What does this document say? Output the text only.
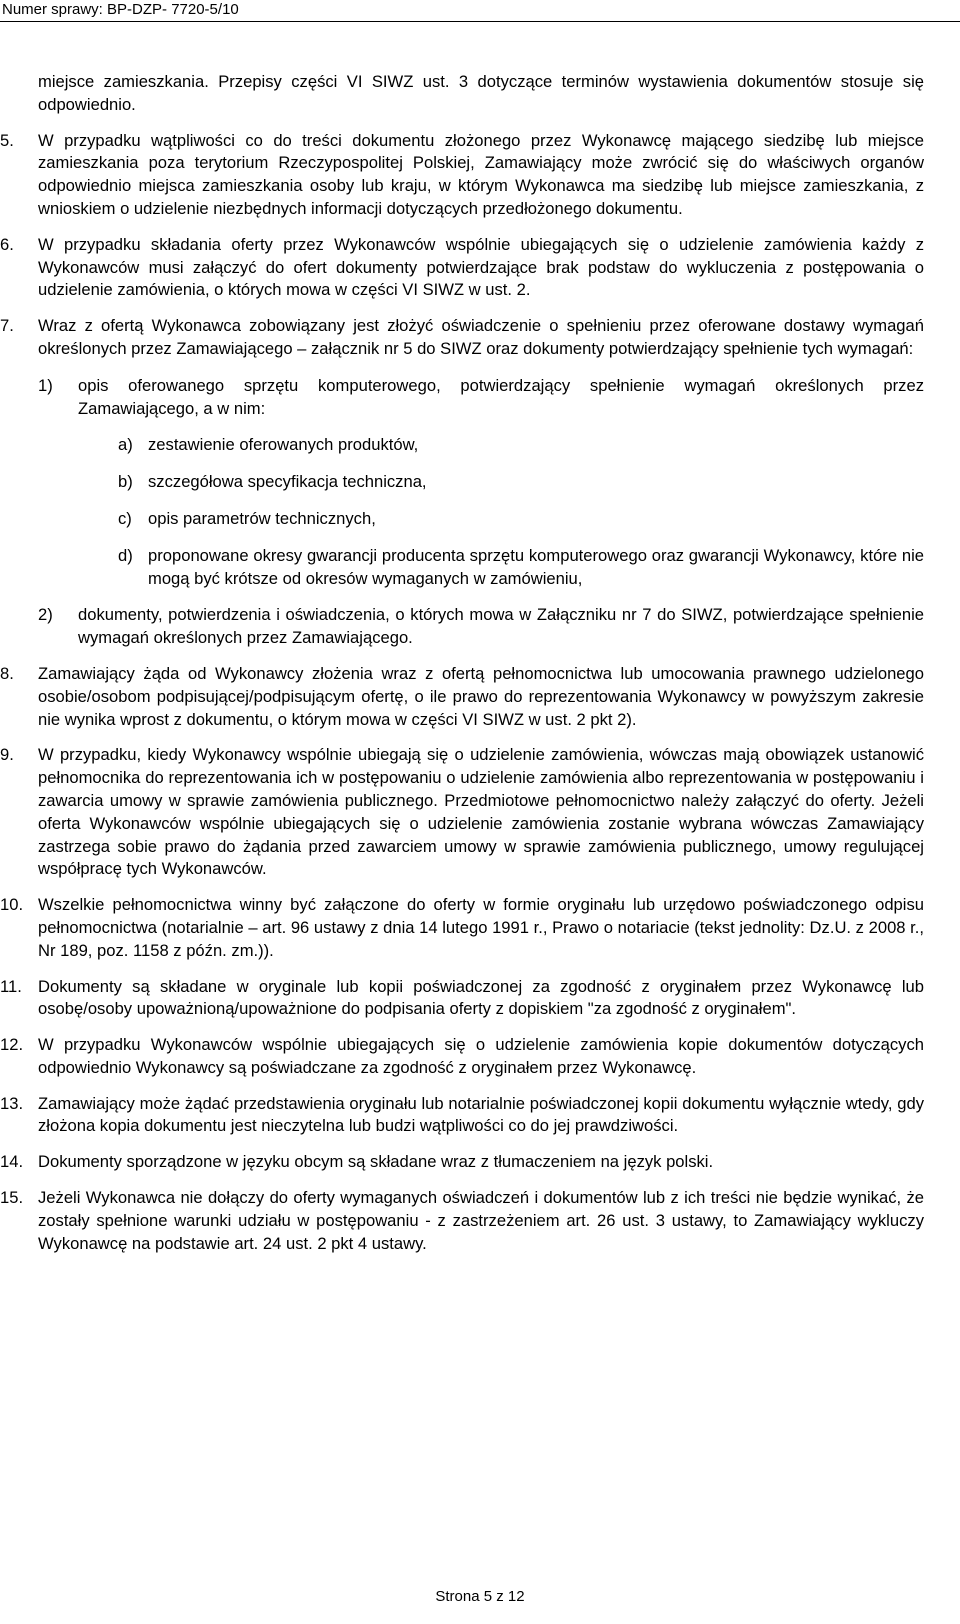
Numer sprawy: BP-DZP- 7720-5/10

miejsce zamieszkania. Przepisy części VI SIWZ ust. 3 dotyczące terminów wystawienia dokumentów stosuje się odpowiednio.

5. W przypadku wątpliwości co do treści dokumentu złożonego przez Wykonawcę mającego siedzibę lub miejsce zamieszkania poza terytorium Rzeczypospolitej Polskiej, Zamawiający może zwrócić się do właściwych organów odpowiednio miejsca zamieszkania osoby lub kraju, w którym Wykonawca ma siedzibę lub miejsce zamieszkania, z wnioskiem o udzielenie niezbędnych informacji dotyczących przedłożonego dokumentu.

6. W przypadku składania oferty przez Wykonawców wspólnie ubiegających się o udzielenie zamówienia każdy z Wykonawców musi załączyć do ofert dokumenty potwierdzające brak podstaw do wykluczenia z postępowania o udzielenie zamówienia, o których mowa w części VI SIWZ w ust. 2.

7. Wraz z ofertą Wykonawca zobowiązany jest złożyć oświadczenie o spełnieniu przez oferowane dostawy wymagań określonych przez Zamawiającego – załącznik nr 5 do SIWZ oraz dokumenty potwierdzający spełnienie tych wymagań:

1) opis oferowanego sprzętu komputerowego, potwierdzający spełnienie wymagań określonych przez Zamawiającego, a w nim:

a) zestawienie oferowanych produktów,

b) szczegółowa specyfikacja techniczna,

c) opis parametrów technicznych,

d) proponowane okresy gwarancji producenta sprzętu komputerowego oraz gwarancji Wykonawcy, które nie mogą być krótsze od okresów wymaganych w zamówieniu,

2) dokumenty, potwierdzenia i oświadczenia, o których mowa w Załączniku nr 7 do SIWZ, potwierdzające spełnienie wymagań określonych przez Zamawiającego.

8. Zamawiający żąda od Wykonawcy złożenia wraz z ofertą pełnomocnictwa lub umocowania prawnego udzielonego osobie/osobom podpisującej/podpisującym ofertę, o ile prawo do reprezentowania Wykonawcy w powyższym zakresie nie wynika wprost z dokumentu, o którym mowa w części VI SIWZ w ust. 2 pkt 2).

9. W przypadku, kiedy Wykonawcy wspólnie ubiegają się o udzielenie zamówienia, wówczas mają obowiązek ustanowić pełnomocnika do reprezentowania ich w postępowaniu o udzielenie zamówienia albo reprezentowania w postępowaniu i zawarcia umowy w sprawie zamówienia publicznego. Przedmiotowe pełnomocnictwo należy załączyć do oferty. Jeżeli oferta Wykonawców wspólnie ubiegających się o udzielenie zamówienia zostanie wybrana wówczas Zamawiający zastrzega sobie prawo do żądania przed zawarciem umowy w sprawie zamówienia publicznego, umowy regulującej współpracę tych Wykonawców.

10. Wszelkie pełnomocnictwa winny być załączone do oferty w formie oryginału lub urzędowo poświadczonego odpisu pełnomocnictwa (notarialnie – art. 96 ustawy z dnia 14 lutego 1991 r., Prawo o notariacie (tekst jednolity: Dz.U. z 2008 r., Nr 189, poz. 1158 z późn. zm.)).

11. Dokumenty są składane w oryginale lub kopii poświadczonej za zgodność z oryginałem przez Wykonawcę lub osobę/osoby upoważnioną/upoważnione do podpisania oferty z dopiskiem "za zgodność z oryginałem".

12. W przypadku Wykonawców wspólnie ubiegających się o udzielenie zamówienia kopie dokumentów dotyczących odpowiednio Wykonawcy są poświadczane za zgodność z oryginałem przez Wykonawcę.

13. Zamawiający może żądać przedstawienia oryginału lub notarialnie poświadczonej kopii dokumentu wyłącznie wtedy, gdy złożona kopia dokumentu jest nieczytelna lub budzi wątpliwości co do jej prawdziwości.

14. Dokumenty sporządzone w języku obcym są składane wraz z tłumaczeniem na język polski.

15. Jeżeli Wykonawca nie dołączy do oferty wymaganych oświadczeń i dokumentów lub z ich treści nie będzie wynikać, że zostały spełnione warunki udziału w postępowaniu - z zastrzeżeniem art. 26 ust. 3 ustawy, to Zamawiający wykluczy Wykonawcę na podstawie art. 24 ust. 2 pkt 4 ustawy.

Strona 5 z 12
